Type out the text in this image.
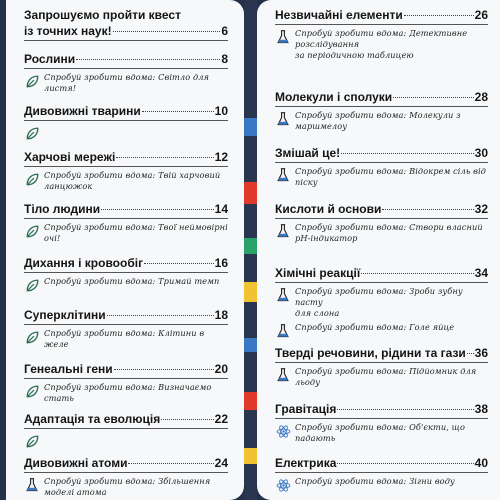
Запрошуємо пройти квест
із точних наук!	6
Рослини	8
Спробуй зробити вдома: Світло для листя!
Дивовижні тварини	10
Харчові мережі	12
Спробуй зробити вдома: Твій харчовий ланцюжок
Тіло людини	14
Спробуй зробити вдома: Твої неймовірні очі!
Дихання і кровообіг	16
Спробуй зробити вдома: Тримай темп
Суперклітини	18
Спробуй зробити вдома: Клітини в желе
Генеальні гени	20
Спробуй зробити вдома: Визначаємо стать
Адаптація та еволюція	22
Дивовижні атоми	24
Спробуй зробити вдома: Збільшення моделі атома
Незвичайні елементи	26
Спробуй зробити вдома: Детективне розслідування
за періодичною таблицею
Молекули і сполуки	28
Спробуй зробити вдома: Молекули з маршмелоу
Змішай це!	30
Спробуй зробити вдома: Відокрем сіль від піску
Кислоти й основи	32
Спробуй зробити вдома: Створи власний
pH-індикатор
Хімічні реакції	34
Спробуй зробити вдома: Зроби зубну пасту
для слона
Спробуй зробити вдома: Голе яйце
Тверді речовини, рідини та гази 36
Спробуй зробити вдома: Підйомник для льоду
Гравітація	38
Спробуй зробити вдома: Об'єкти, що падають
Електрика	40
Спробуй зробити вдома: Зігни воду
